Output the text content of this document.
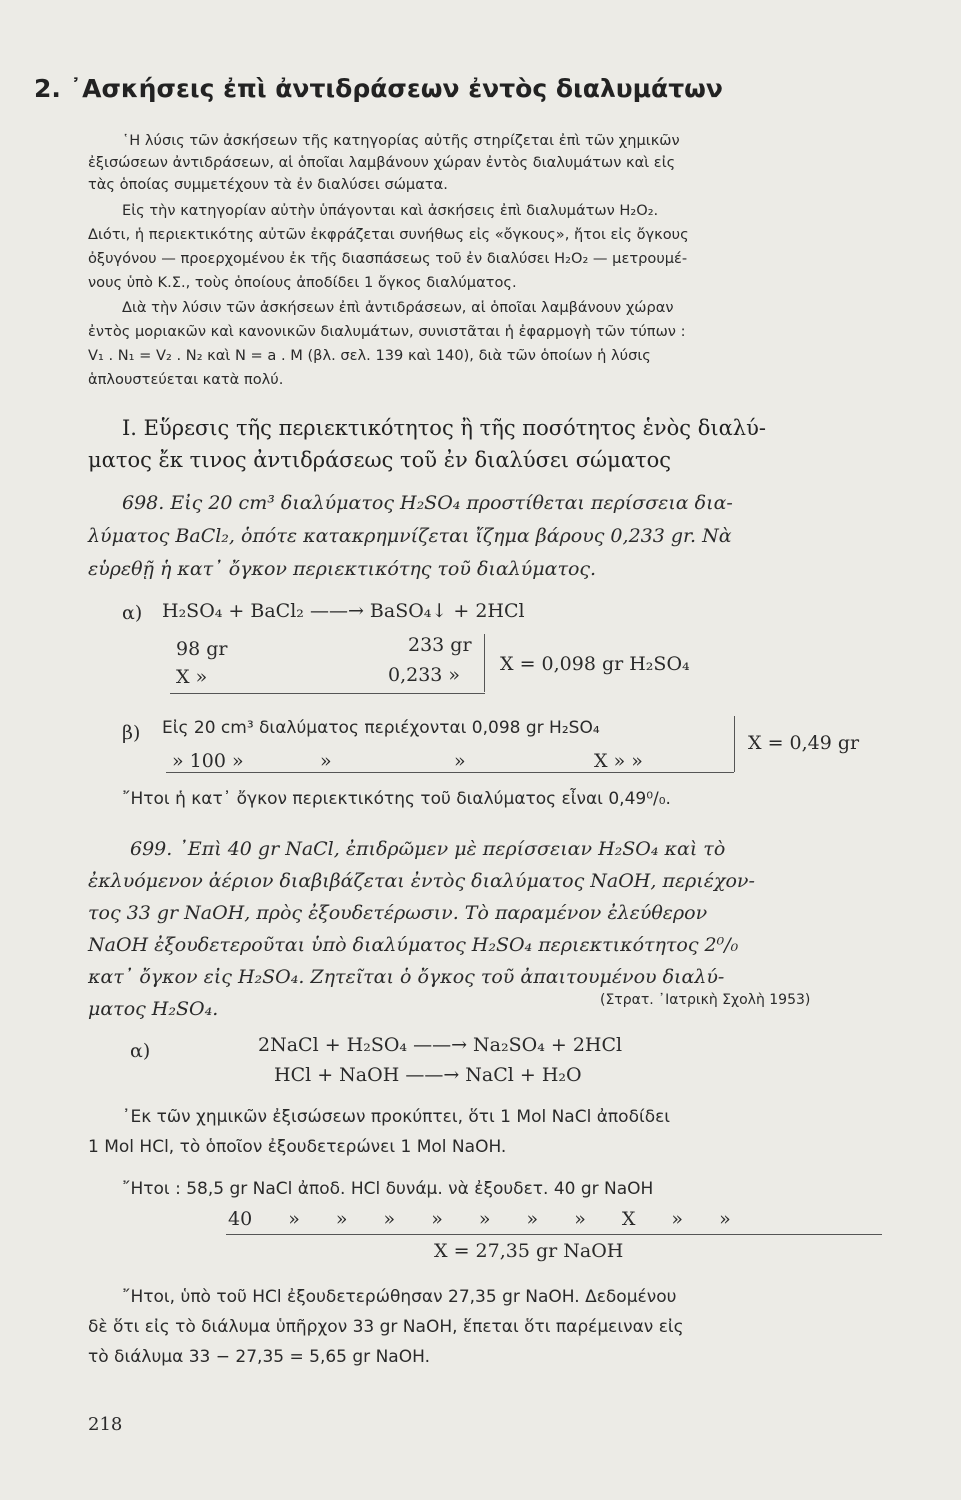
2. ᾿Ασκήσεις ἐπὶ ἀντιδράσεων ἐντὸς διαλυμάτων
῾Η λύσις τῶν ἀσκήσεων τῆς κατηγορίας αὐτῆς στηρίζεται ἐπὶ τῶν χημικῶν
ἐξισώσεων ἀντιδράσεων, αἱ ὁποῖαι λαμβάνουν χώραν ἐντὸς διαλυμάτων καὶ εἰς
τὰς ὁποίας συμμετέχουν τὰ ἐν διαλύσει σώματα.
Εἰς τὴν κατηγορίαν αὐτὴν ὑπάγονται καὶ ἀσκήσεις ἐπὶ διαλυμάτων H₂O₂.
Διότι, ἡ περιεκτικότης αὐτῶν ἐκφράζεται συνήθως εἰς «ὄγκους», ἤτοι εἰς ὄγκους
ὀξυγόνου — προερχομένου ἐκ τῆς διασπάσεως τοῦ ἐν διαλύσει H₂O₂ — μετρουμέ-
νους ὑπὸ Κ.Σ., τοὺς ὁποίους ἀποδίδει 1 ὄγκος διαλύματος.
Διὰ τὴν λύσιν τῶν ἀσκήσεων ἐπὶ ἀντιδράσεων, αἱ ὁποῖαι λαμβάνουν χώραν
ἐντὸς μοριακῶν καὶ κανονικῶν διαλυμάτων, συνιστᾶται ἡ ἐφαρμογὴ τῶν τύπων :
V₁ . N₁ = V₂ . N₂ καὶ N = a . M (βλ. σελ. 139 καὶ 140), διὰ τῶν ὁποίων ἡ λύσις
ἁπλουστεύεται κατὰ πολύ.
I. Εὕρεσις τῆς περιεκτικότητος ἢ τῆς ποσότητος ἑνὸς διαλύ-
ματος ἔκ τινος ἀντιδράσεως τοῦ ἐν διαλύσει σώματος
698. Εἰς 20 cm³ διαλύματος H₂SO₄ προστίθεται περίσσεια δια-
λύματος BaCl₂, ὁπότε κατακρημνίζεται ἴζημα βάρους 0,233 gr. Νὰ
εὑρεθῇ ἡ κατ᾿ ὄγκον περιεκτικότης τοῦ διαλύματος.
α) H₂SO₄ + BaCl₂ ——→ BaSO₄↓ + 2HCl
98 gr	233 gr
X »	0,233 » X = 0,098 gr H₂SO₄
β) Εἰς 20 cm³ διαλύματος περιέχονται 0,098 gr H₂SO₄
» 100 »	»	»	X » »
X = 0,49 gr
῎Ητοι ἡ κατ᾿ ὄγκον περιεκτικότης τοῦ διαλύματος εἶναι 0,49⁰/₀.
699. ᾿Επὶ 40 gr NaCl, ἐπιδρῶμεν μὲ περίσσειαν H₂SO₄ καὶ τὸ
ἐκλυόμενον ἀέριον διαβιβάζεται ἐντὸς διαλύματος NaOH, περιέχον-
τος 33 gr NaOH, πρὸς ἐξουδετέρωσιν. Τὸ παραμένον ἐλεύθερον
NaOH ἐξουδετεροῦται ὑπὸ διαλύματος H₂SO₄ περιεκτικότητος 2⁰/₀
κατ᾿ ὄγκον εἰς H₂SO₄. Ζητεῖται ὁ ὄγκος τοῦ ἀπαιτουμένου διαλύ-
ματος H₂SO₄.	(Στρατ. ᾿Ιατρικὴ Σχολὴ 1953)
α)	2NaCl + H₂SO₄ ——→ Na₂SO₄ + 2HCl
HCl + NaOH ——→ NaCl + H₂O
᾿Εκ τῶν χημικῶν ἐξισώσεων προκύπτει, ὅτι 1 Mol NaCl ἀποδίδει
1 Mol HCl, τὸ ὁποῖον ἐξουδετερώνει 1 Mol NaOH.
῎Ητοι : 58,5 gr NaCl ἀποδ. HCl δυνάμ. νὰ ἐξουδετ. 40 gr NaOH
40 » » » » » » » X » »
X = 27,35 gr NaOH
῎Ητοι, ὑπὸ τοῦ HCl ἐξουδετερώθησαν 27,35 gr NaOH. Δεδομένου
δὲ ὅτι εἰς τὸ διάλυμα ὑπῆρχον 33 gr NaOH, ἕπεται ὅτι παρέμειναν εἰς
τὸ διάλυμα 33 − 27,35 = 5,65 gr NaOH.
218
